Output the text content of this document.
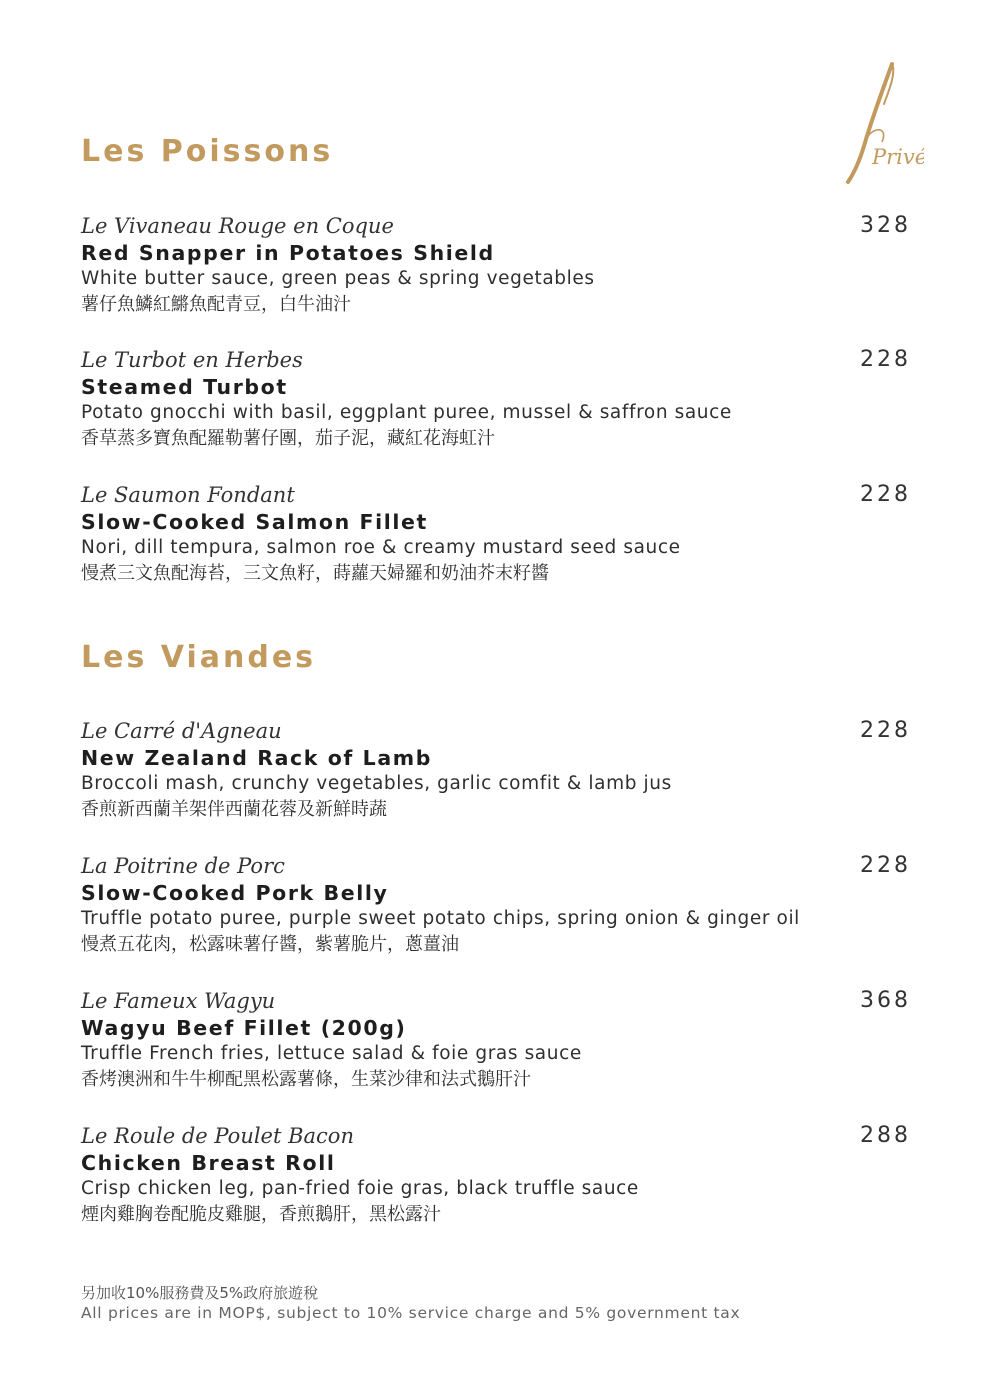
Privé
Les Poissons
Le Vivaneau Rouge en Coque	328
Red Snapper in Potatoes Shield
White butter sauce, green peas & spring vegetables
薯仔魚鱗紅鱂魚配青豆，白牛油汁
Le Turbot en Herbes	228
Steamed Turbot
Potato gnocchi with basil, eggplant puree, mussel & saffron sauce
香草蒸多寶魚配羅勒薯仔團，茄子泥，藏紅花海虹汁
Le Saumon Fondant	228
Slow-Cooked Salmon Fillet
Nori, dill tempura, salmon roe & creamy mustard seed sauce
慢煮三文魚配海苔，三文魚籽，蒔蘿天婦羅和奶油芥末籽醬
Les Viandes
Le Carré d'Agneau	228
New Zealand Rack of Lamb
Broccoli mash, crunchy vegetables, garlic comfit & lamb jus
香煎新西蘭羊架伴西蘭花蓉及新鮮時蔬
La Poitrine de Porc	228
Slow-Cooked Pork Belly
Truffle potato puree, purple sweet potato chips, spring onion & ginger oil
慢煮五花肉，松露味薯仔醬，紫薯脆片，蔥薑油
Le Fameux Wagyu	368
Wagyu Beef Fillet (200g)
Truffle French fries, lettuce salad & foie gras sauce
香烤澳洲和牛牛柳配黑松露薯條，生菜沙律和法式鵝肝汁
Le Roule de Poulet Bacon	288
Chicken Breast Roll
Crisp chicken leg, pan-fried foie gras, black truffle sauce
煙肉雞胸卷配脆皮雞腿，香煎鵝肝，黑松露汁
另加收10%服務費及5%政府旅遊稅
All prices are in MOP$, subject to 10% service charge and 5% government tax
